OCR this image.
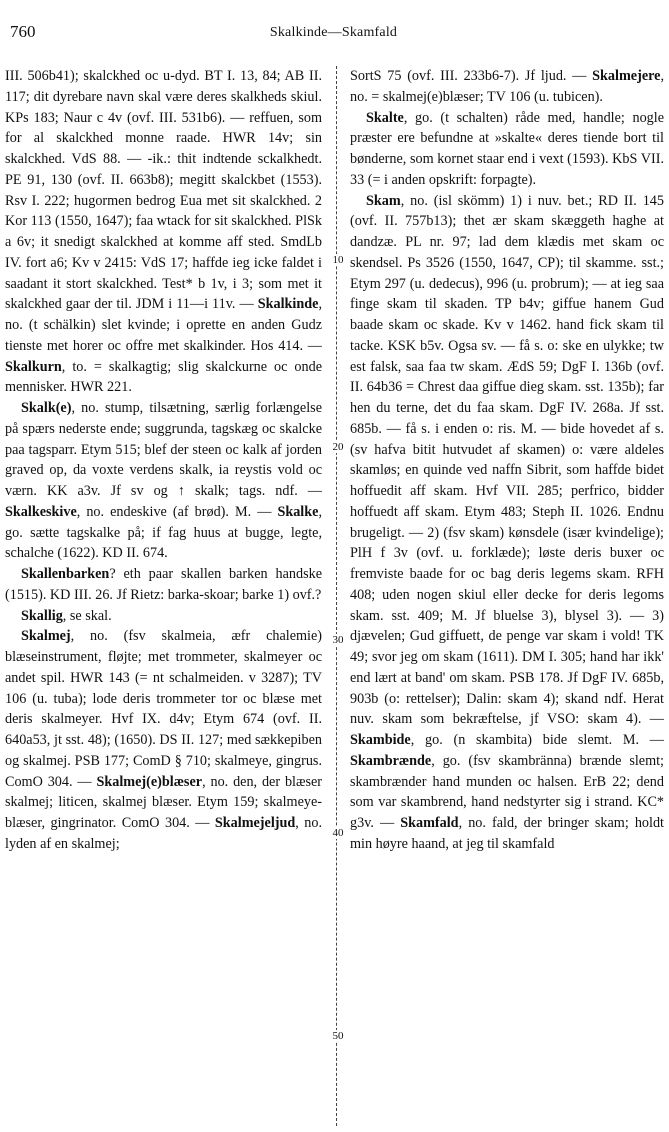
760	Skalkinde—Skamfald
10
20
30
40
50

III. 506b41); skalckhed oc u-dyd. BT I. 13, 84; AB II. 117; dit dyrebare navn skal være deres skalkheds skiul. KPs 183; Naur c 4v (ovf. III. 531b6). — reffuen, som for al skalckhed monne raade. HWR 14v; sin skalckhed. VdS 88. — -ik.: thit indtende sckalkhedt. PE 91, 130 (ovf. II. 663b8); megitt skalckbet (1553). Rsv I. 222; hugormen bedrog Eua met sit skalckhed. 2 Kor 113 (1550, 1647); faa wtack for sit skalckhed. PlSk a 6v; it snedigt skalckhed at komme aff sted. SmdLb IV. fort a6; Kv v 2415: VdS 17; haffde ieg icke faldet i saadant it stort skalckhed. Test* b 1v, i 3; som met it skalckhed gaar der til. JDM i 11—i 11v. — Skalkinde, no. (t schälkin) slet kvinde; i oprette en anden Gudz tienste met horer oc offre met skalkinder. Hos 414. — Skalkurn, to. = skalkagtig; slig skalckurne oc onde mennisker. HWR 221.

Skalk(e), no. stump, tilsætning, særlig forlængelse på spærs nederste ende; suggrunda, tagskæg oc skalcke paa tagsparr. Etym 515; blef der steen oc kalk af jorden graved op, da voxte verdens skalk, ia reystis vold oc værn. KK a3v. Jf sv og ↑ skalk; tags. ndf. — Skalkeskive, no. endeskive (af brød). M. — Skalke, go. sætte tagskalke på; if fag huus at bugge, legte, schalche (1622). KD II. 674.

Skallenbarken? eth paar skallen barken handske (1515). KD III. 26. Jf Rietz: barka-skoar; barke 1) ovf.?

Skallig, se skal.

Skalmej, no. (fsv skalmeia, æfr chalemie) blæseinstrument, fløjte; met trommeter, skalmeyer oc andet spil. HWR 143 (= nt schalmeiden. v 3287); TV 106 (u. tuba); lode deris trommeter tor oc blæse met deris skalmeyer. Hvf IX. d4v; Etym 674 (ovf. II. 640a53, jt sst. 48); (1650). DS II. 127; med sækkepiben og skalmej. PSB 177; ComD § 710; skalmeye, gingrus. ComO 304. — Skalmej(e)blæser, no. den, der blæser skalmej; liticen, skalmej blæser. Etym 159; skalmeye-blæser, gingrinator. ComO 304. — Skalmejelјud, no. lyden af en skalmej;

SortS 75 (ovf. III. 233b6-7). Jf ljud. — Skalmejere, no. = skalmej(e)blæser; TV 106 (u. tubicen).

Skalte, go. (t schalten) råde med, handle; nogle præster ere befundne at »skalte« deres tiende bort til bønderne, som kornet staar end i vext (1593). KbS VII. 33 (= i anden opskrift: forpagte).

Skam, no. (isl skömm) 1) i nuv. bet.; RD II. 145 (ovf. II. 757b13); thet ær skam skæggeth haghe at dandzæ. PL nr. 97; lad dem klædis met skam oc skendsel. Ps 3526 (1550, 1647, CP); til skamme. sst.; Etym 297 (u. dedecus), 996 (u. probrum); — at ieg saa finge skam til skaden. TP b4v; giffue hanem Gud baade skam oc skade. Kv v 1462. hand fick skam til tacke. KSK b5v. Ogsa sv. — få s. o: ske en ulykke; tw est falsk, saa faa tw skam. ÆdS 59; DgF I. 136b (ovf. II. 64b36 = Chrest daa giffue dieg skam. sst. 135b); far hen du terne, det du faa skam. DgF IV. 268a. Jf sst. 685b. — få s. i enden o: ris. M. — bide hovedet af s. (sv hafva bitit hutvudet af skamen) o: være aldeles skamløs; en quinde ved naffn Sibrit, som haffde bidet hoffuedit aff skam. Hvf VII. 285; perfrico, bidder hoffuedt aff skam. Etym 483; Steph II. 1026. Endnu brugeligt. — 2) (fsv skam) kønsdele (især kvindelige); PlH f 3v (ovf. u. forklæde); løste deris buxer oc fremviste baade for oc bag deris legems skam. RFH 408; uden nogen skiul eller decke for deris legoms skam. sst. 409; M. Jf bluelse 3), blysel 3). — 3) djævelen; Gud giffuett, de penge var skam i vold! TK 49; svor jeg om skam (1611). DM I. 305; hand har ikk' end lært at band' om skam. PSB 178. Jf DgF IV. 685b, 903b (o: rettelser); Dalin: skam 4); skand ndf. Herat nuv. skam som bekræftelse, jf VSO: skam 4). — Skambide, go. (n skambita) bide slemt. M. — Skambrænde, go. (fsv skambränna) brænde slemt; skambrænder hand munden oc halsen. ErB 22; dend som var skambrend, hand nedstyrter sig i strand. KC* g3v. — Skamfald, no. fald, der bringer skam; holdt min høyre haand, at jeg til skamfald
